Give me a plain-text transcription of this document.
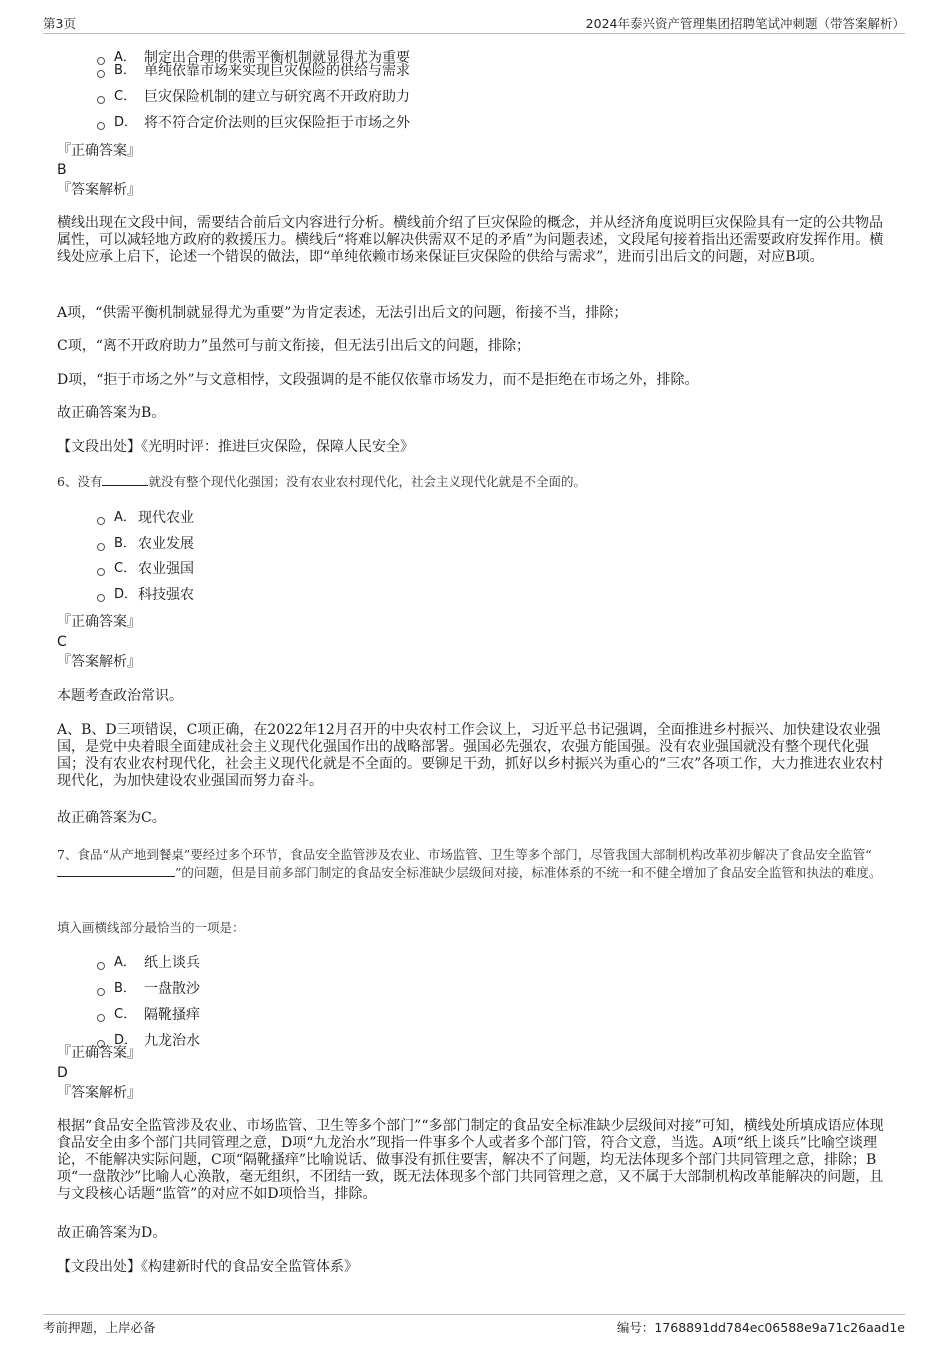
第3页	2024年泰兴资产管理集团招聘笔试冲刺题（带答案解析）
A． 制定出合理的供需平衡机制就显得尤为重要
B． 单纯依靠市场来实现巨灾保险的供给与需求
C． 巨灾保险机制的建立与研究离不开政府助力
D． 将不符合定价法则的巨灾保险拒于市场之外
『正确答案』
B
『答案解析』
横线出现在文段中间，需要结合前后文内容进行分析。横线前介绍了巨灾保险的概念，并从经济角度说明巨灾保险具有一定的公共物品属性，可以减轻地方政府的救援压力。横线后“将难以解决供需双不足的矛盾”为问题表述，文段尾句接着指出还需要政府发挥作用。横线处应承上启下，论述一个错误的做法，即“单纯依赖市场来保证巨灾保险的供给与需求”，进而引出后文的问题，对应B项。
A项，“供需平衡机制就显得尤为重要”为肯定表述，无法引出后文的问题，衔接不当，排除；
C项，“离不开政府助力”虽然可与前文衔接，但无法引出后文的问题，排除；
D项，“拒于市场之外”与文意相悖，文段强调的是不能仅依靠市场发力，而不是拒绝在市场之外，排除。
故正确答案为B。
【文段出处】《光明时评：推进巨灾保险，保障人民安全》
6、没有	就没有整个现代化强国；没有农业农村现代化，社会主义现代化就是不全面的。
A． 现代农业
B． 农业发展
C． 农业强国
D． 科技强农
『正确答案』
C
『答案解析』
本题考查政治常识。
A、B、D三项错误，C项正确，在2022年12月召开的中央农村工作会议上，习近平总书记强调，全面推进乡村振兴、加快建设农业强国，是党中央着眼全面建成社会主义现代化强国作出的战略部署。强国必先强农，农强方能国强。没有农业强国就没有整个现代化强国；没有农业农村现代化，社会主义现代化就是不全面的。要铆足干劲，抓好以乡村振兴为重心的“三农”各项工作，大力推进农业农村现代化，为加快建设农业强国而努力奋斗。
故正确答案为C。
7、食品“从产地到餐桌”要经过多个环节，食品安全监管涉及农业、市场监管、卫生等多个部门，尽管我国大部制机构改革初步解决了食品安全监管“”的问题，但是目前多部门制定的食品安全标准缺少层级间对接，标准体系的不统一和不健全增加了食品安全监管和执法的难度。
填入画横线部分最恰当的一项是：
A． 纸上谈兵
B． 一盘散沙
C． 隔靴搔痒
D． 九龙治水
『正确答案』
D
『答案解析』
根据“食品安全监管涉及农业、市场监管、卫生等多个部门”“多部门制定的食品安全标准缺少层级间对接”可知，横线处所填成语应体现食品安全由多个部门共同管理之意，D项“九龙治水”现指一件事多个人或者多个部门管，符合文意，当选。A项“纸上谈兵”比喻空谈理论，不能解决实际问题，C项“隔靴搔痒”比喻说话、做事没有抓住要害，解决不了问题，均无法体现多个部门共同管理之意，排除；B项“一盘散沙”比喻人心涣散，毫无组织，不团结一致，既无法体现多个部门共同管理之意，又不属于大部制机构改革能解决的问题，且与文段核心话题“监管”的对应不如D项恰当，排除。
故正确答案为D。
【文段出处】《构建新时代的食品安全监管体系》
考前押题，上岸必备	编号：1768891dd784ec06588e9a71c26aad1e
